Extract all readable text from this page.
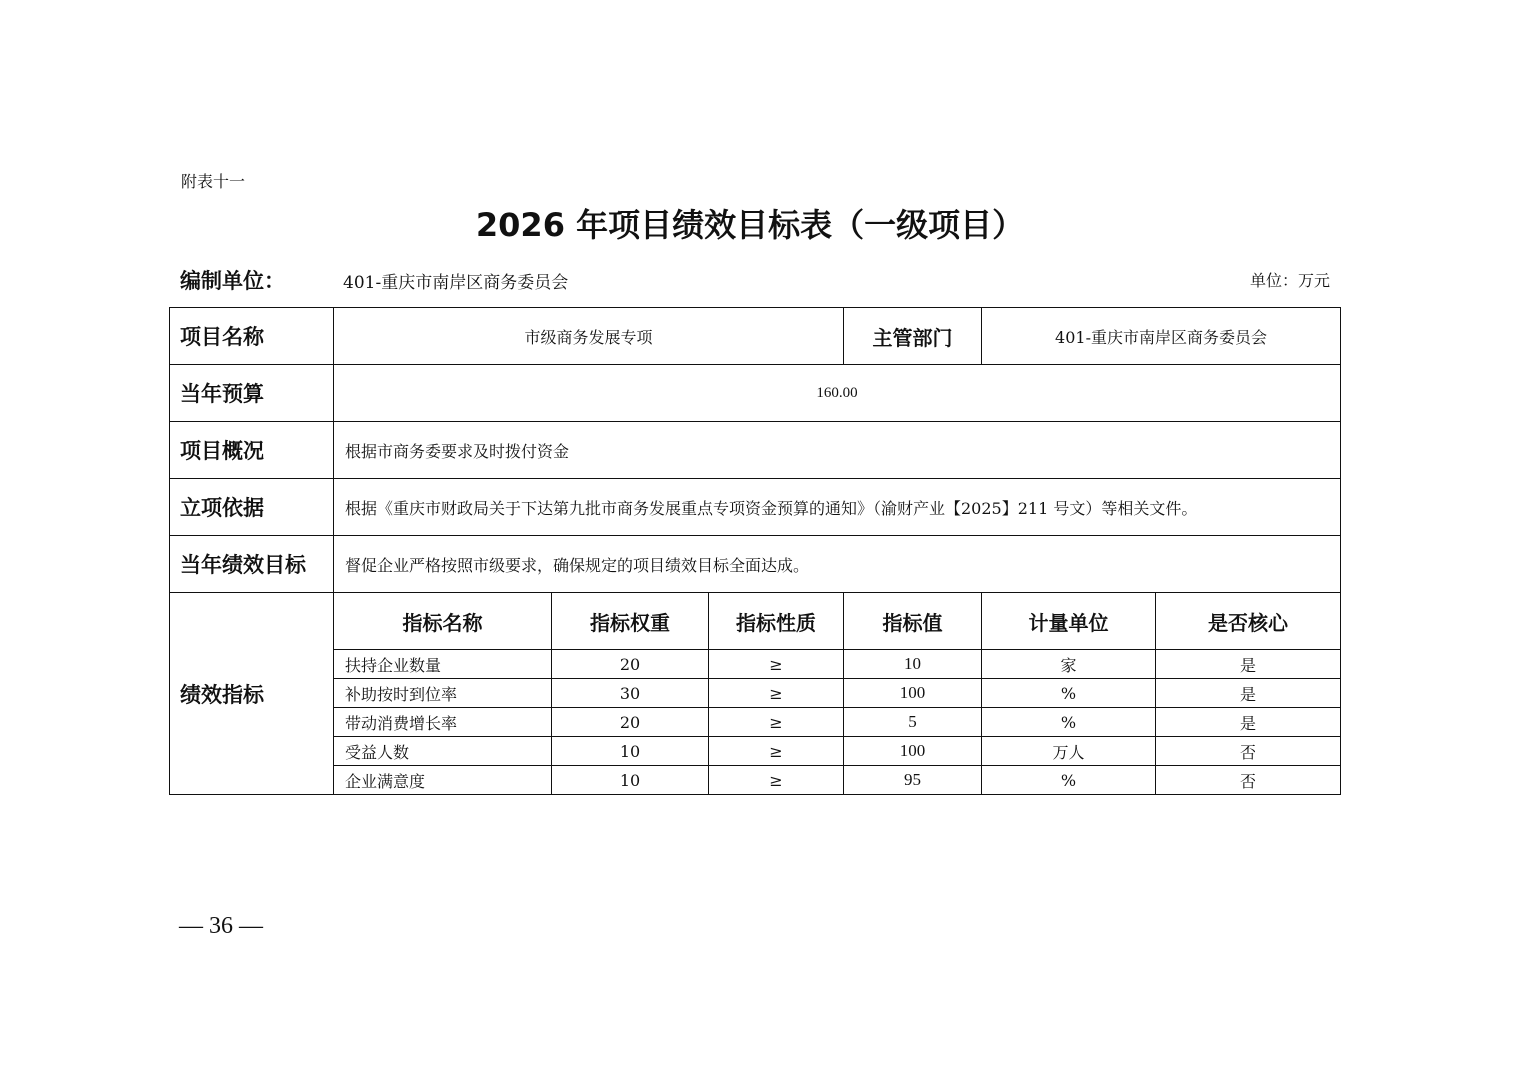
附表十一
2026 年项目绩效目标表（一级项目）
编制单位：	401-重庆市南岸区商务委员会	单位：万元
项目名称	市级商务发展专项			主管部门	401-重庆市南岸区商务委员会	
当年预算	160.00					
项目概况	根据市商务委要求及时拨付资金					
立项依据	根据《重庆市财政局关于下达第九批市商务发展重点专项资金预算的通知》（渝财产业【2025】211 号文）等相关文件。					
当年绩效目标	督促企业严格按照市级要求，确保规定的项目绩效目标全面达成。					
绩效指标	指标名称	指标权重	指标性质	指标值	计量单位	是否核心
	扶持企业数量	20	≥	10	家	是
	补助按时到位率	30	≥	100	%	是
	带动消费增长率	20	≥	5	%	是
	受益人数	10	≥	100	万人	否
	企业满意度	10	≥	95	%	否
— 36 —
